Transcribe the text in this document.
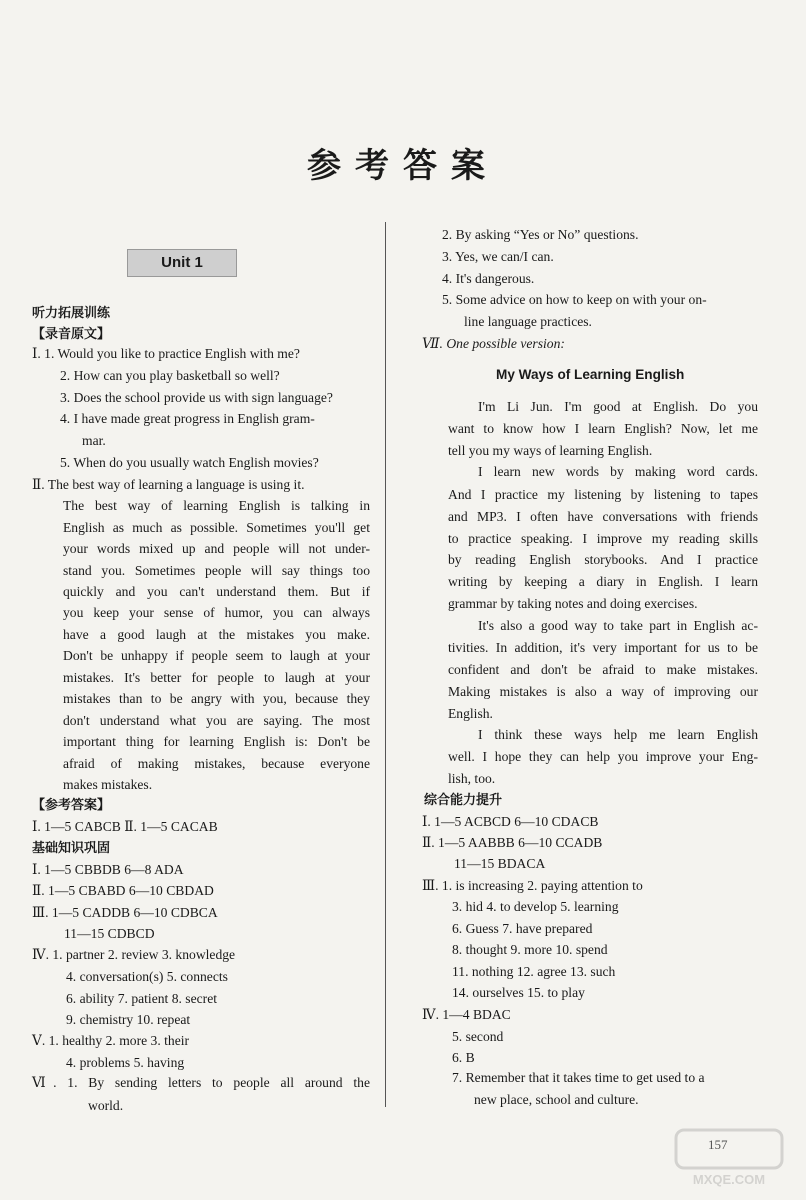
参考答案
Unit 1
听力拓展训练
【录音原文】
Ⅰ. 1. Would you like to practice English with me?
2. How can you play basketball so well?
3. Does the school provide us with sign language?
4. I have made great progress in English gram-
mar.
5. When do you usually watch English movies?
Ⅱ. The best way of learning a language is using it.
The best way of learning English is talking in
English as much as possible. Sometimes you'll get
your words mixed up and people will not under-
stand you. Sometimes people will say things too
quickly and you can't understand them. But if
you keep your sense of humor, you can always
have a good laugh at the mistakes you make.
Don't be unhappy if people seem to laugh at your
mistakes. It's better for people to laugh at your
mistakes than to be angry with you, because they
don't understand what you are saying. The most
important thing for learning English is: Don't be
afraid of making mistakes, because everyone
makes mistakes.
【参考答案】
Ⅰ. 1—5 CABCB Ⅱ. 1—5 CACAB
基础知识巩固
Ⅰ. 1—5 CBBDB 6—8 ADA
Ⅱ. 1—5 CBABD 6—10 CBDAD
Ⅲ. 1—5 CADDB 6—10 CDBCA
11—15 CDBCD
Ⅳ. 1. partner 2. review 3. knowledge
4. conversation(s) 5. connects
6. ability 7. patient 8. secret
9. chemistry 10. repeat
Ⅴ. 1. healthy 2. more 3. their
4. problems 5. having
Ⅵ. 1. By sending letters to people all around the
world.
2. By asking “Yes or No” questions.
3. Yes, we can/I can.
4. It's dangerous.
5. Some advice on how to keep on with your on-
line language practices.
Ⅶ. One possible version:
My Ways of Learning English
I'm Li Jun. I'm good at English. Do you
want to know how I learn English? Now, let me
tell you my ways of learning English.
I learn new words by making word cards.
And I practice my listening by listening to tapes
and MP3. I often have conversations with friends
to practice speaking. I improve my reading skills
by reading English storybooks. And I practice
writing by keeping a diary in English. I learn
grammar by taking notes and doing exercises.
It's also a good way to take part in English ac-
tivities. In addition, it's very important for us to be
confident and don't be afraid to make mistakes.
Making mistakes is also a way of improving our
English.
I think these ways help me learn English
well. I hope they can help you improve your Eng-
lish, too.
综合能力提升
Ⅰ. 1—5 ACBCD 6—10 CDACB
Ⅱ. 1—5 AABBB 6—10 CCADB
11—15 BDACA
Ⅲ. 1. is increasing 2. paying attention to
3. hid 4. to develop 5. learning
6. Guess 7. have prepared
8. thought 9. more 10. spend
11. nothing 12. agree 13. such
14. ourselves 15. to play
Ⅳ. 1—4 BDAC
5. second
6. B
7. Remember that it takes time to get used to a
new place, school and culture.
157
MXQE.COM
